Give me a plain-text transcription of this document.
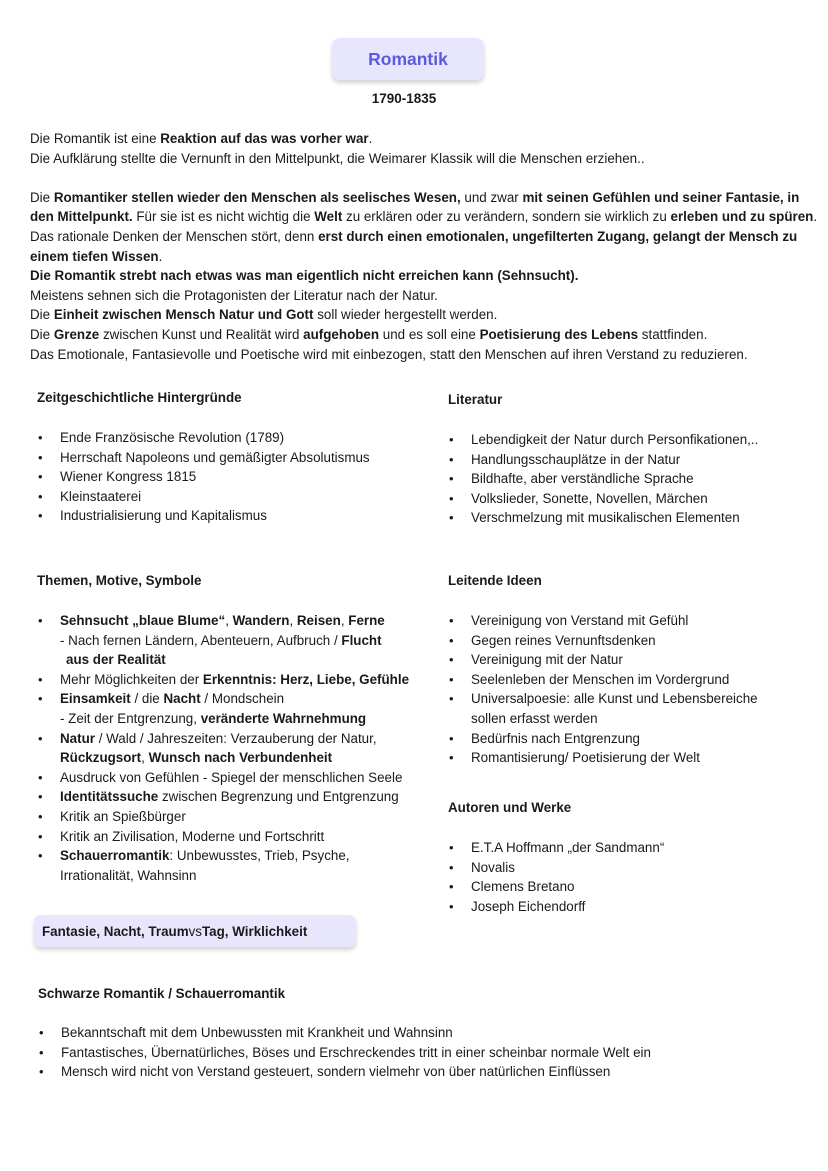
Romantik
1790-1835

Die Romantik ist eine Reaktion auf das was vorher war.

Die Aufklärung stellte die Vernunft in den Mittelpunkt, die Weimarer Klassik will die Menschen erziehen..

Die Romantiker stellen wieder den Menschen als seelisches Wesen, und zwar mit seinen Gefühlen und seiner Fantasie, in den Mittelpunkt. Für sie ist es nicht wichtig die Welt zu erklären oder zu verändern, sondern sie wirklich zu erleben und zu spüren. Das rationale Denken der Menschen stört, denn erst durch einen emotionalen, ungefilterten Zugang, gelangt der Mensch zu einem tiefen Wissen.

Die Romantik strebt nach etwas was man eigentlich nicht erreichen kann (Sehnsucht).

Meistens sehnen sich die Protagonisten der Literatur nach der Natur.

Die Einheit zwischen Mensch Natur und Gott soll wieder hergestellt werden.

Die Grenze zwischen Kunst und Realität wird aufgehoben und es soll eine Poetisierung des Lebens stattfinden.

Das Emotionale, Fantasievolle und Poetische wird mit einbezogen, statt den Menschen auf ihren Verstand zu reduzieren.

Zeitgeschichtliche Hintergründe
• Ende Französische Revolution (1789)
• Herrschaft Napoleons und gemäßigter Absolutismus
• Wiener Kongress 1815
• Kleinstaaterei
• Industrialisierung und Kapitalismus
Literatur
• Lebendigkeit der Natur durch Personfikationen,..
• Handlungsschauplätze in der Natur
• Bildhafte, aber verständliche Sprache
• Volkslieder, Sonette, Novellen, Märchen
• Verschmelzung mit musikalischen Elementen
Themen, Motive, Symbole
• Sehnsucht „blaue Blume“, Wandern, Reisen, Ferne
- Nach fernen Ländern, Abenteuern, Aufbruch / Flucht
aus der Realität
• Mehr Möglichkeiten der Erkenntnis: Herz, Liebe, Gefühle
• Einsamkeit / die Nacht / Mondschein
- Zeit der Entgrenzung, veränderte Wahrnehmung
• Natur / Wald / Jahreszeiten: Verzauberung der Natur,
Rückzugsort, Wunsch nach Verbundenheit
• Ausdruck von Gefühlen - Spiegel der menschlichen Seele
• Identitätssuche zwischen Begrenzung und Entgrenzung
• Kritik an Spießbürger
• Kritik an Zivilisation, Moderne und Fortschritt
• Schauerromantik: Unbewusstes, Trieb, Psyche,
Irrationalität, Wahnsinn
Leitende Ideen
• Vereinigung von Verstand mit Gefühl
• Gegen reines Vernunftsdenken
• Vereinigung mit der Natur
• Seelenleben der Menschen im Vordergrund
• Universalpoesie: alle Kunst und Lebensbereiche
sollen erfasst werden
• Bedürfnis nach Entgrenzung
• Romantisierung/ Poetisierung der Welt
Autoren und Werke
• E.T.A Hoffmann „der Sandmann“
• Novalis
• Clemens Bretano
• Joseph Eichendorff
Fantasie, Nacht, Traum vs Tag, Wirklichkeit
Schwarze Romantik / Schauerromantik
• Bekanntschaft mit dem Unbewussten mit Krankheit und Wahnsinn
• Fantastisches, Übernatürliches, Böses und Erschreckendes tritt in einer scheinbar normale Welt ein
• Mensch wird nicht von Verstand gesteuert, sondern vielmehr von über natürlichen Einflüssen
